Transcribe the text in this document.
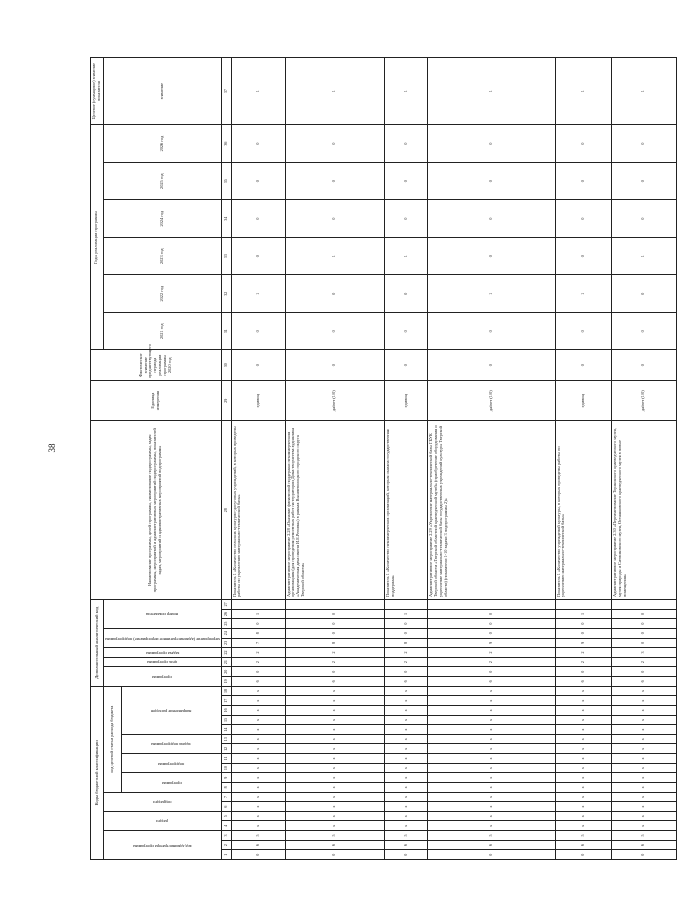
38
Коды бюджетной классификации																		Дополнительный аналитический код									Наименование программы, целей программы, наименование подпрограммы, задач программы, мероприятий и административных мероприятий подпрограммы, показателей задач, мероприятий и административных мероприятий подпрограммы	Единица измерения	Фактическое значение предшествующего периода реализации программы 2020 год	Годы реализации программы						Целевое (суммарное) значение показателя

код администратора программы			раздел		подраздел		код целевой статьи расхода бюджета											программа		цель программы	задача программы	мероприятие (административное мероприятие) подпрограммы		номер показателя						2021 год	2022 год	2023 год	2024 год	2025 год	2026 год	значение

							программа		подпрограмма		задача подпрограммы		направление расходов																							

1	2	3	4	5	6	7	8	9	10	11	12	13	14	15	16	17	18	19	20	21	22	23	24	25	26	27	28	29	30	31	32	33	34	35	36	37
0	6	5	х	х	х	х	х	х	х	х	х	х	х	х	х	х	х	6	0	2	2	7	8	0	1		Показатель 1 «Количество сельских культурно-досуговых учреждений, в которых проведены работы по укреплению материально-технической базы»	единиц	0	0	1	0	0	0	0	1
0	6	5	х	х	х	х	х	х	х	х	х	х	х	х	х	х	х	6	0	2	2	8	0	0	0		Административное мероприятие 2.28 «Оказание финансовой поддержки некоммерческим организациям (для проведения ремонтных работ на территории Дома творчества художника «Академическая дача имени И.Е.Репина») в рамках Вышневолоцкого городского округа Тверской области»	да/нет (1/0)	0	0	0	1	0	0	0	1
0	6	5	х	х	х	х	х	х	х	х	х	х	х	х	х	х	х	6	0	2	2	8	0	0	1		Показатель 1 «Количество некоммерческих организаций, которым оказана государственная поддержка»	единиц	0	0	0	1	0	0	0	1
0	6	5	х	х	х	х	х	х	х	х	х	х	х	х	х	х	х	6	0	2	2	9	0	0	0		Административное мероприятие 2.29 «Укрепление материально-технической базы ГБУК Тверской области «Тверской областной краеведческий музей» (приобретение оборудования и укрепление материально-технической базы государственных учреждений культуры Тверской области) (показатели 1-10 задачи 3 подпрограммы 2)»	да/нет (1/0)	0	0	1	0	0	0	0	1
0	6	5	х	х	х	х	х	х	х	х	х	х	х	х	х	х	х	6	0	2	2	9	0	0	1		Показатель 1 «Количество учреждений культуры, в которых проведены работы по укреплению материально-технической базы»	единиц	0	0	1	0	0	0	0	1
0	6	5	х	х	х	х	х	х	х	х	х	х	х	х	х	х	х	6	0	2	3	0	0	0	0		Административное мероприятие 2.30 «Переименование Торжокского краеведческого музея, музея природы и Ситниковского музея, Осташковского краеведческого музея в новые помещения»	да/нет (1/0)	0	0	0	1	0	0	0	1
